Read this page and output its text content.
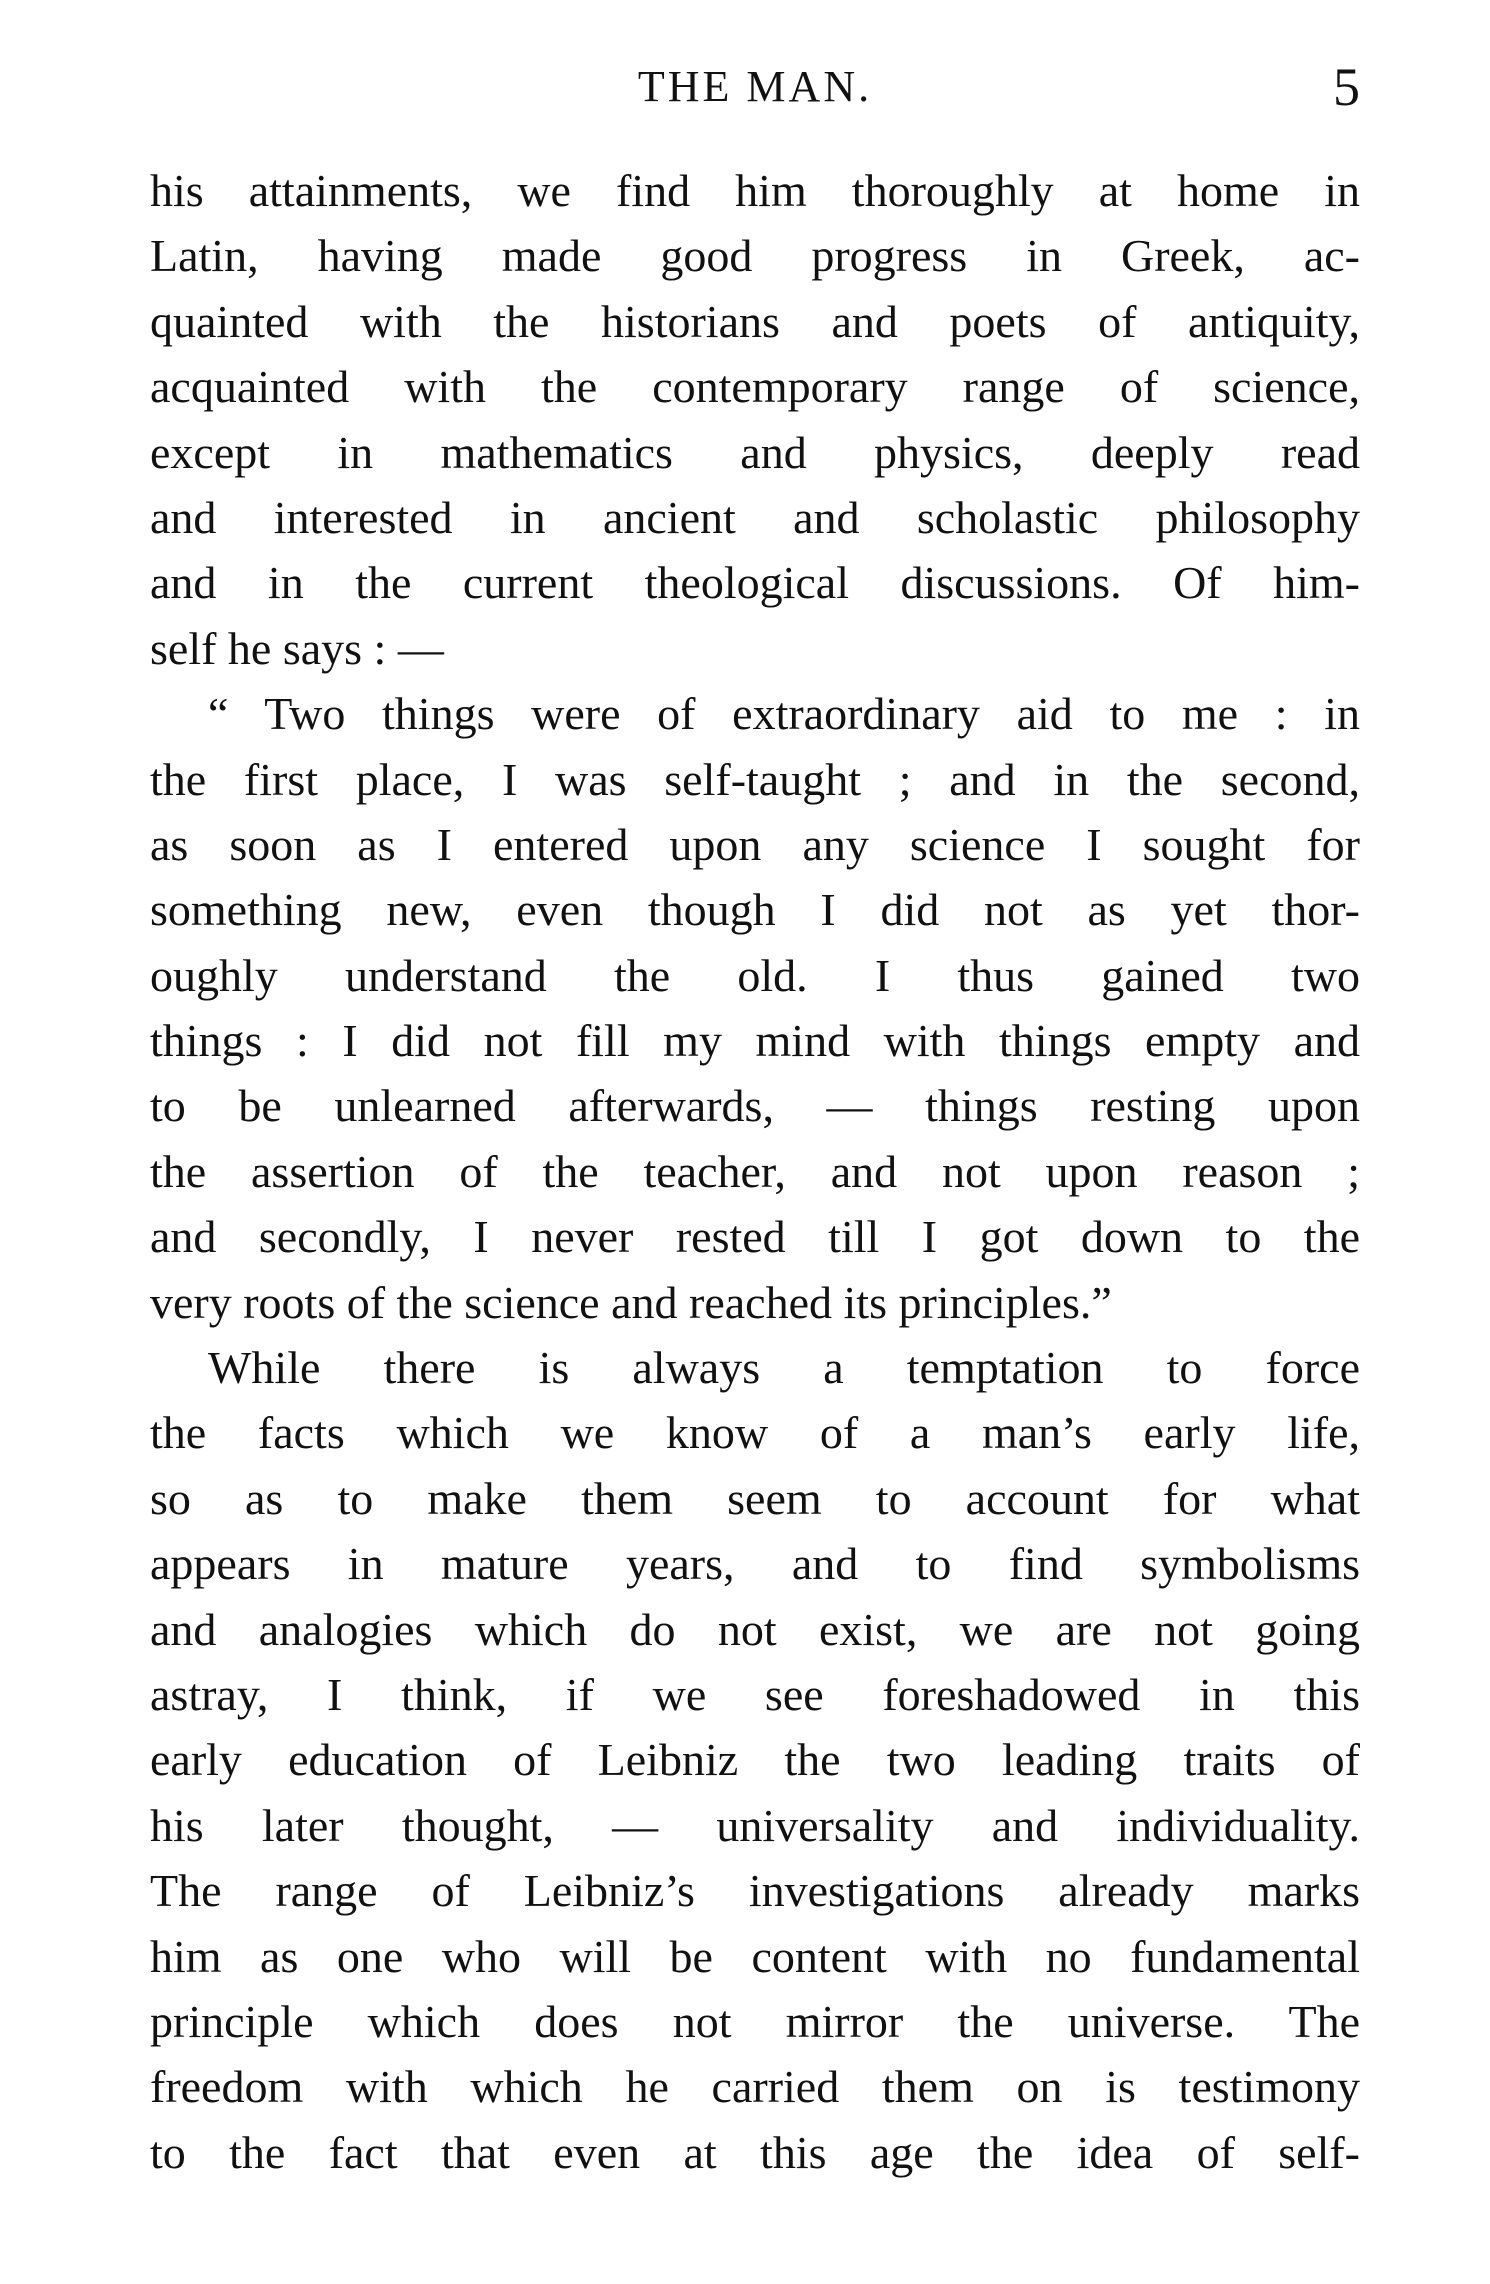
THE MAN.	5
his attainments, we find him thoroughly at home in
Latin, having made good progress in Greek, ac-
quainted with the historians and poets of antiquity,
acquainted with the contemporary range of science,
except in mathematics and physics, deeply read
and interested in ancient and scholastic philosophy
and in the current theological discussions. Of him-
self he says : —
“ Two things were of extraordinary aid to me : in
the first place, I was self-taught ; and in the second,
as soon as I entered upon any science I sought for
something new, even though I did not as yet thor-
oughly understand the old. I thus gained two
things : I did not fill my mind with things empty and
to be unlearned afterwards, — things resting upon
the assertion of the teacher, and not upon reason ;
and secondly, I never rested till I got down to the
very roots of the science and reached its principles.”
While there is always a temptation to force
the facts which we know of a man’s early life,
so as to make them seem to account for what
appears in mature years, and to find symbolisms
and analogies which do not exist, we are not going
astray, I think, if we see foreshadowed in this
early education of Leibniz the two leading traits of
his later thought, — universality and individuality.
The range of Leibniz’s investigations already marks
him as one who will be content with no fundamental
principle which does not mirror the universe. The
freedom with which he carried them on is testimony
to the fact that even at this age the idea of self-
